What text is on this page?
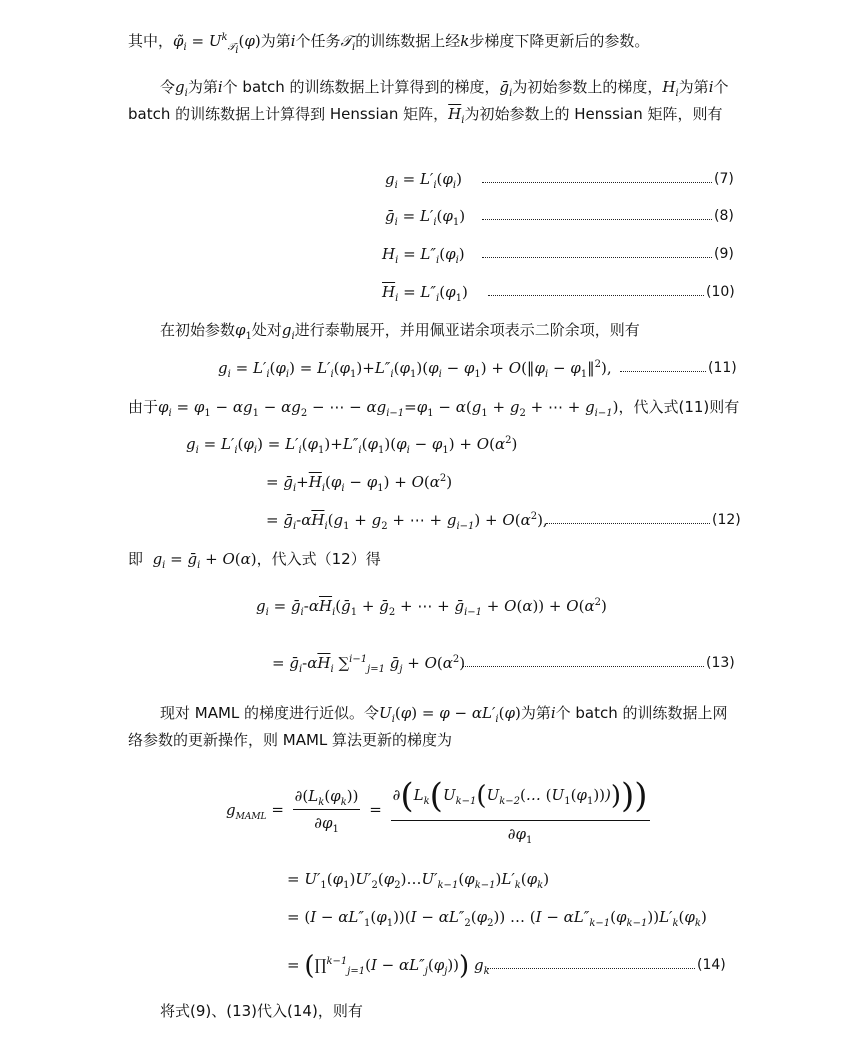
其中，$\varphĩ_i = U^k_{𝒯_i}(\varphi)$为第i个任务𝒯$_i$的训练数据上经k步梯度下降更新后的参数。
令$g_i$为第i个 batch 的训练数据上计算得到的梯度，ḡ$_i$为初始参数上的梯度，$H_i$为第i个 batch 的训练数据上计算得到 Henssian 矩阵，$\overline{H}_i$为初始参数上的 Henssian 矩阵，则有
$g_i = L'_i(\varphi_i)$	(7)
ḡ$_i$ = $L'_i(\varphi_1)$	(8)
$H_i = L''_i(\varphi_i)$	(9)
$\overline{H}_i = L''_i(\varphi_1)$	(10)
在初始参数$\varphi_1$处对$g_i$进行泰勒展开，并用佩亚诺余项表示二阶余项，则有
$g_i = L'_i(\varphi_i) = L'_i(\varphi_1)+L''_i(\varphi_1)(\varphi_i - \varphi_1)$ + $O(‖\varphi_i$ − $\varphi_1‖^2$),	(11)
由于$\varphi_i = \varphi_1 - \alpha g_1 - \alpha g_2$ − ⋯ − $\alpha g_{i-1}=\varphi_1 - \alpha(g_1 + g_2$ + ⋯ + $g_{i-1}$)，代入式(11)则有
$g_i = L'_i(\varphi_i) = L'_i(\varphi_1)+L''_i(\varphi_1)(\varphi_i - \varphi_1) + O(\alpha^2)$
= $ḡ_i+\overline{H}_i(\varphi_i - \varphi_1) + O(\alpha^2)$
= $ḡ_i-\alpha\overline{H}_i(g_1 + g_2$ + ⋯ + $g_{i-1}) + O(\alpha^2)$,	(12)
即 $g_i$ = ḡ$_i$ + O(α)，代入式（12）得
$g_i$ = $ḡ_i-\alpha\overline{H}_i(ḡ_1$ + ḡ$_2$ + ⋯ + ḡ$_{i-1}$ + $O(\alpha)) + O(\alpha^2)$
= $ḡ_i-\alpha\overline{H}_i$ ∑$^{i-1}_{j=1}$ ḡ$_j$ + $O(\alpha^2)$	(13)
现对 MAML 的梯度进行近似。令$U_i(\varphi) = \varphi - \alpha L'_i(\varphi)$为第i个 batch 的训练数据上网络参数的更新操作，则 MAML 算法更新的梯度为
$g_{MAML} = \frac{\partial(L_k(\varphi_k))}{\partial\varphi_1} = \frac{\partial(L_k(U_{k-1}(U_{k-2}(\dots (U_1(\varphi_1))))))}{\partial\varphi_1}$
= $U'_1(\varphi_1)U'_2(\varphi_2)\dots U'_{k-1}(\varphi_{k-1})L'_k(\varphi_k)$
= $(I - \alpha L''_1(\varphi_1))(I - \alpha L''_2(\varphi_2))$ … $(I - \alpha L''_{k-1}(\varphi_{k-1}))L'_k(\varphi_k)$
= (∏$^{k-1}_{j=1}$(I − $\alpha L''_j(\varphi_j)$)) $g_k$	(14)
将式(9)、(13)代入(14)，则有
